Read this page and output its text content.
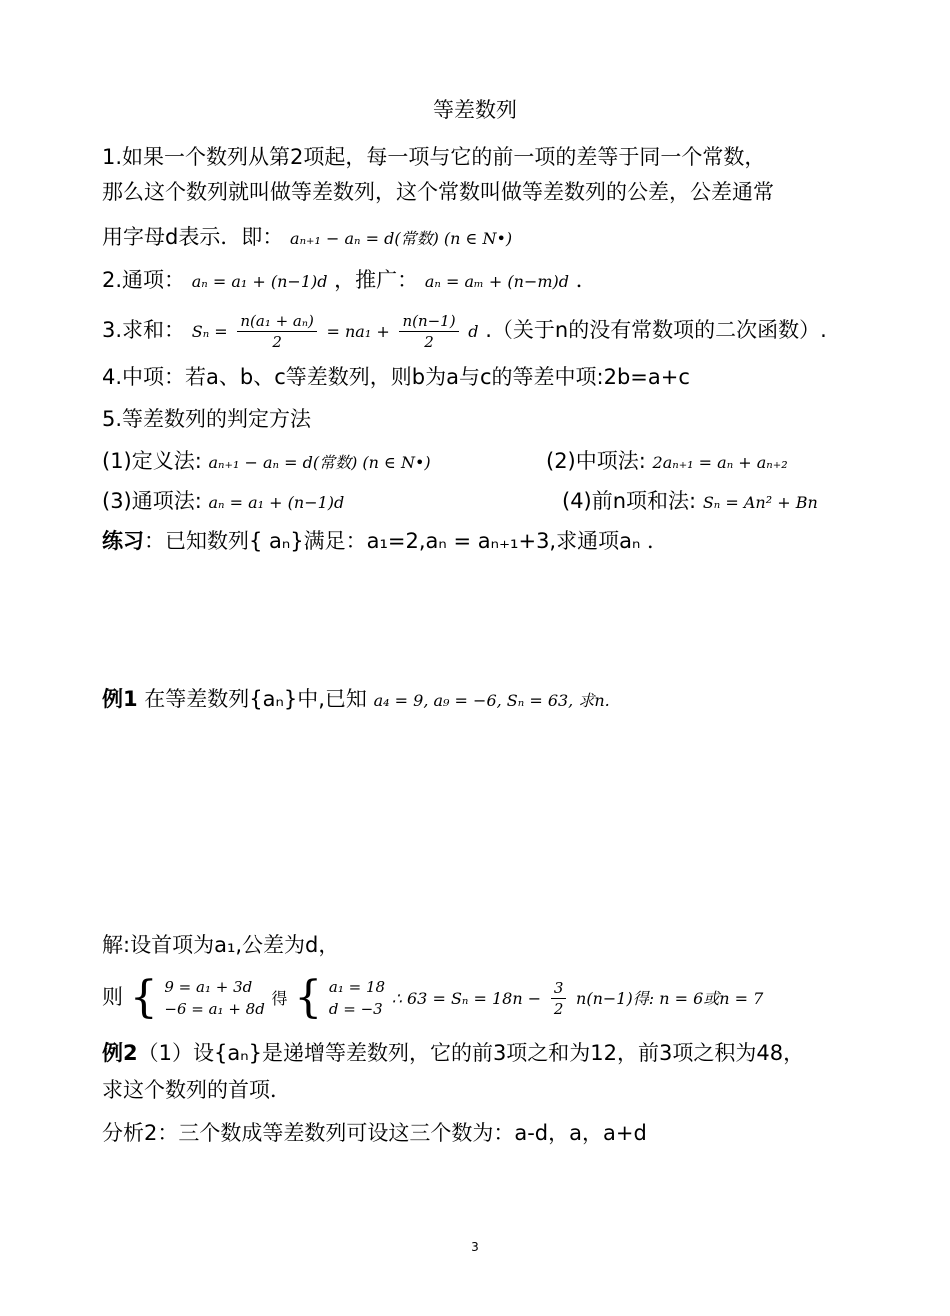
等差数列
1.如果一个数列从第2项起，每一项与它的前一项的差等于同一个常数，
那么这个数列就叫做等差数列，这个常数叫做等差数列的公差，公差通常
用字母d表示．即： aₙ₊₁ − aₙ = d(常数) (n ∈ N•)
2.通项： aₙ = a₁ + (n−1)d ，推广： aₙ = aₘ + (n−m)d ．
3.求和： $S_n = \frac{\text{n(a₁ + aₙ)}}{2} = na_1 + \frac{n(n-1)}{2}$ d .（关于n的没有常数项的二次函数）.
4.中项：若a、b、c等差数列，则b为a与c的等差中项:2b=a+c
5.等差数列的判定方法
(1)定义法: aₙ₊₁ − aₙ = d(常数) (n ∈ N•)	(2)中项法: 2aₙ₊₁ = aₙ + aₙ₊₂
(3)通项法: aₙ = a₁ + (n−1)d	(4)前n项和法: Sₙ = An² + Bn
练习：已知数列{ aₙ}满足：a₁=2,aₙ = aₙ₊₁+3,求通项aₙ ．
例1 在等差数列{aₙ}中,已知 a₄ = 9, a₉ = −6, Sₙ = 63, 求n.
解:设首项为a₁,公差为d，
则 { 9 = a₁ + 3d
−6 = a₁ + 8d
得 { a₁ = 18
d = −3
∴ $63 = S_n = 18n - \frac{3}{2} n(n-1)$得: n = 6或n = 7
例2（1）设{aₙ}是递增等差数列，它的前3项之和为12，前3项之积为48，
求这个数列的首项．
分析2：三个数成等差数列可设这三个数为：a-d，a，a+d
3
